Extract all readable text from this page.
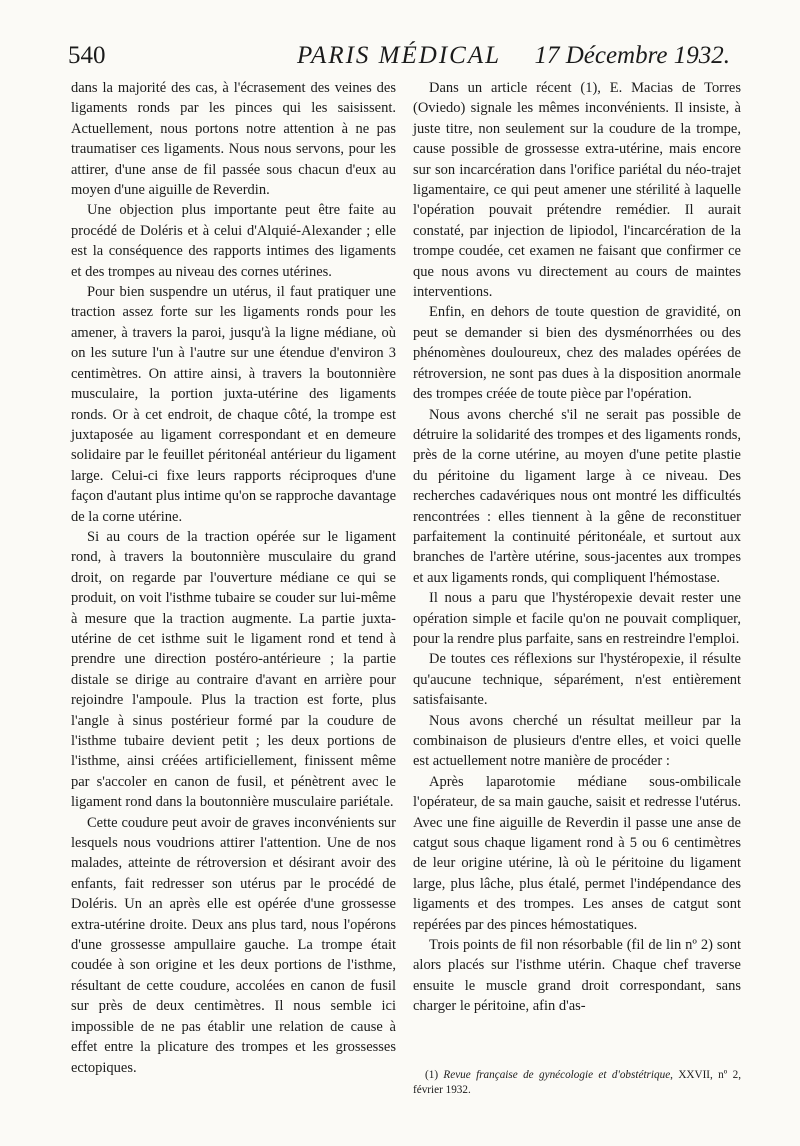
540	PARIS MÉDICAL	17 Décembre 1932.

dans la majorité des cas, à l'écrasement des veines des ligaments ronds par les pinces qui les saisissent. Actuellement, nous portons notre attention à ne pas traumatiser ces ligaments. Nous nous servons, pour les attirer, d'une anse de fil passée sous chacun d'eux au moyen d'une aiguille de Reverdin.

Une objection plus importante peut être faite au procédé de Doléris et à celui d'Alquié-Alexander ; elle est la conséquence des rapports intimes des ligaments et des trompes au niveau des cornes utérines.

Pour bien suspendre un utérus, il faut pratiquer une traction assez forte sur les ligaments ronds pour les amener, à travers la paroi, jusqu'à la ligne médiane, où on les suture l'un à l'autre sur une étendue d'environ 3 centimètres. On attire ainsi, à travers la boutonnière musculaire, la portion juxta-utérine des ligaments ronds. Or à cet endroit, de chaque côté, la trompe est juxtaposée au ligament correspondant et en demeure solidaire par le feuillet péritonéal antérieur du ligament large. Celui-ci fixe leurs rapports réciproques d'une façon d'autant plus intime qu'on se rapproche davantage de la corne utérine.

Si au cours de la traction opérée sur le ligament rond, à travers la boutonnière musculaire du grand droit, on regarde par l'ouverture médiane ce qui se produit, on voit l'isthme tubaire se couder sur lui-même à mesure que la traction augmente. La partie juxta-utérine de cet isthme suit le ligament rond et tend à prendre une direction postéro-antérieure ; la partie distale se dirige au contraire d'avant en arrière pour rejoindre l'ampoule. Plus la traction est forte, plus l'angle à sinus postérieur formé par la coudure de l'isthme tubaire devient petit ; les deux portions de l'isthme, ainsi créées artificiellement, finissent même par s'accoler en canon de fusil, et pénètrent avec le ligament rond dans la boutonnière musculaire pariétale.

Cette coudure peut avoir de graves inconvénients sur lesquels nous voudrions attirer l'attention. Une de nos malades, atteinte de rétroversion et désirant avoir des enfants, fait redresser son utérus par le procédé de Doléris. Un an après elle est opérée d'une grossesse extra-utérine droite. Deux ans plus tard, nous l'opérons d'une grossesse ampullaire gauche. La trompe était coudée à son origine et les deux portions de l'isthme, résultant de cette coudure, accolées en canon de fusil sur près de deux centimètres. Il nous semble ici impossible de ne pas établir une relation de cause à effet entre la plicature des trompes et les grossesses ectopiques.

Dans un article récent (1), E. Macias de Torres (Oviedo) signale les mêmes inconvénients. Il insiste, à juste titre, non seulement sur la coudure de la trompe, cause possible de grossesse extra-utérine, mais encore sur son incarcération dans l'orifice pariétal du néo-trajet ligamentaire, ce qui peut amener une stérilité à laquelle l'opération pouvait prétendre remédier. Il aurait constaté, par injection de lipiodol, l'incarcération de la trompe coudée, cet examen ne faisant que confirmer ce que nous avons vu directement au cours de maintes interventions.

Enfin, en dehors de toute question de gravidité, on peut se demander si bien des dysménorrhées ou des phénomènes douloureux, chez des malades opérées de rétroversion, ne sont pas dues à la disposition anormale des trompes créée de toute pièce par l'opération.

Nous avons cherché s'il ne serait pas possible de détruire la solidarité des trompes et des ligaments ronds, près de la corne utérine, au moyen d'une petite plastie du péritoine du ligament large à ce niveau. Des recherches cadavériques nous ont montré les difficultés rencontrées : elles tiennent à la gêne de reconstituer parfaitement la continuité péritonéale, et surtout aux branches de l'artère utérine, sous-jacentes aux trompes et aux ligaments ronds, qui compliquent l'hémostase.

Il nous a paru que l'hystéropexie devait rester une opération simple et facile qu'on ne pouvait compliquer, pour la rendre plus parfaite, sans en restreindre l'emploi.

De toutes ces réflexions sur l'hystéropexie, il résulte qu'aucune technique, séparément, n'est entièrement satisfaisante.

Nous avons cherché un résultat meilleur par la combinaison de plusieurs d'entre elles, et voici quelle est actuellement notre manière de procéder :

Après laparotomie médiane sous-ombilicale l'opérateur, de sa main gauche, saisit et redresse l'utérus. Avec une fine aiguille de Reverdin il passe une anse de catgut sous chaque ligament rond à 5 ou 6 centimètres de leur origine utérine, là où le péritoine du ligament large, plus lâche, plus étalé, permet l'indépendance des ligaments et des trompes. Les anses de catgut sont repérées par des pinces hémostatiques.

Trois points de fil non résorbable (fil de lin nº 2) sont alors placés sur l'isthme utérin. Chaque chef traverse ensuite le muscle grand droit correspondant, sans charger le péritoine, afin d'as-

(1) Revue française de gynécologie et d'obstétrique, XXVII, nº 2, février 1932.
